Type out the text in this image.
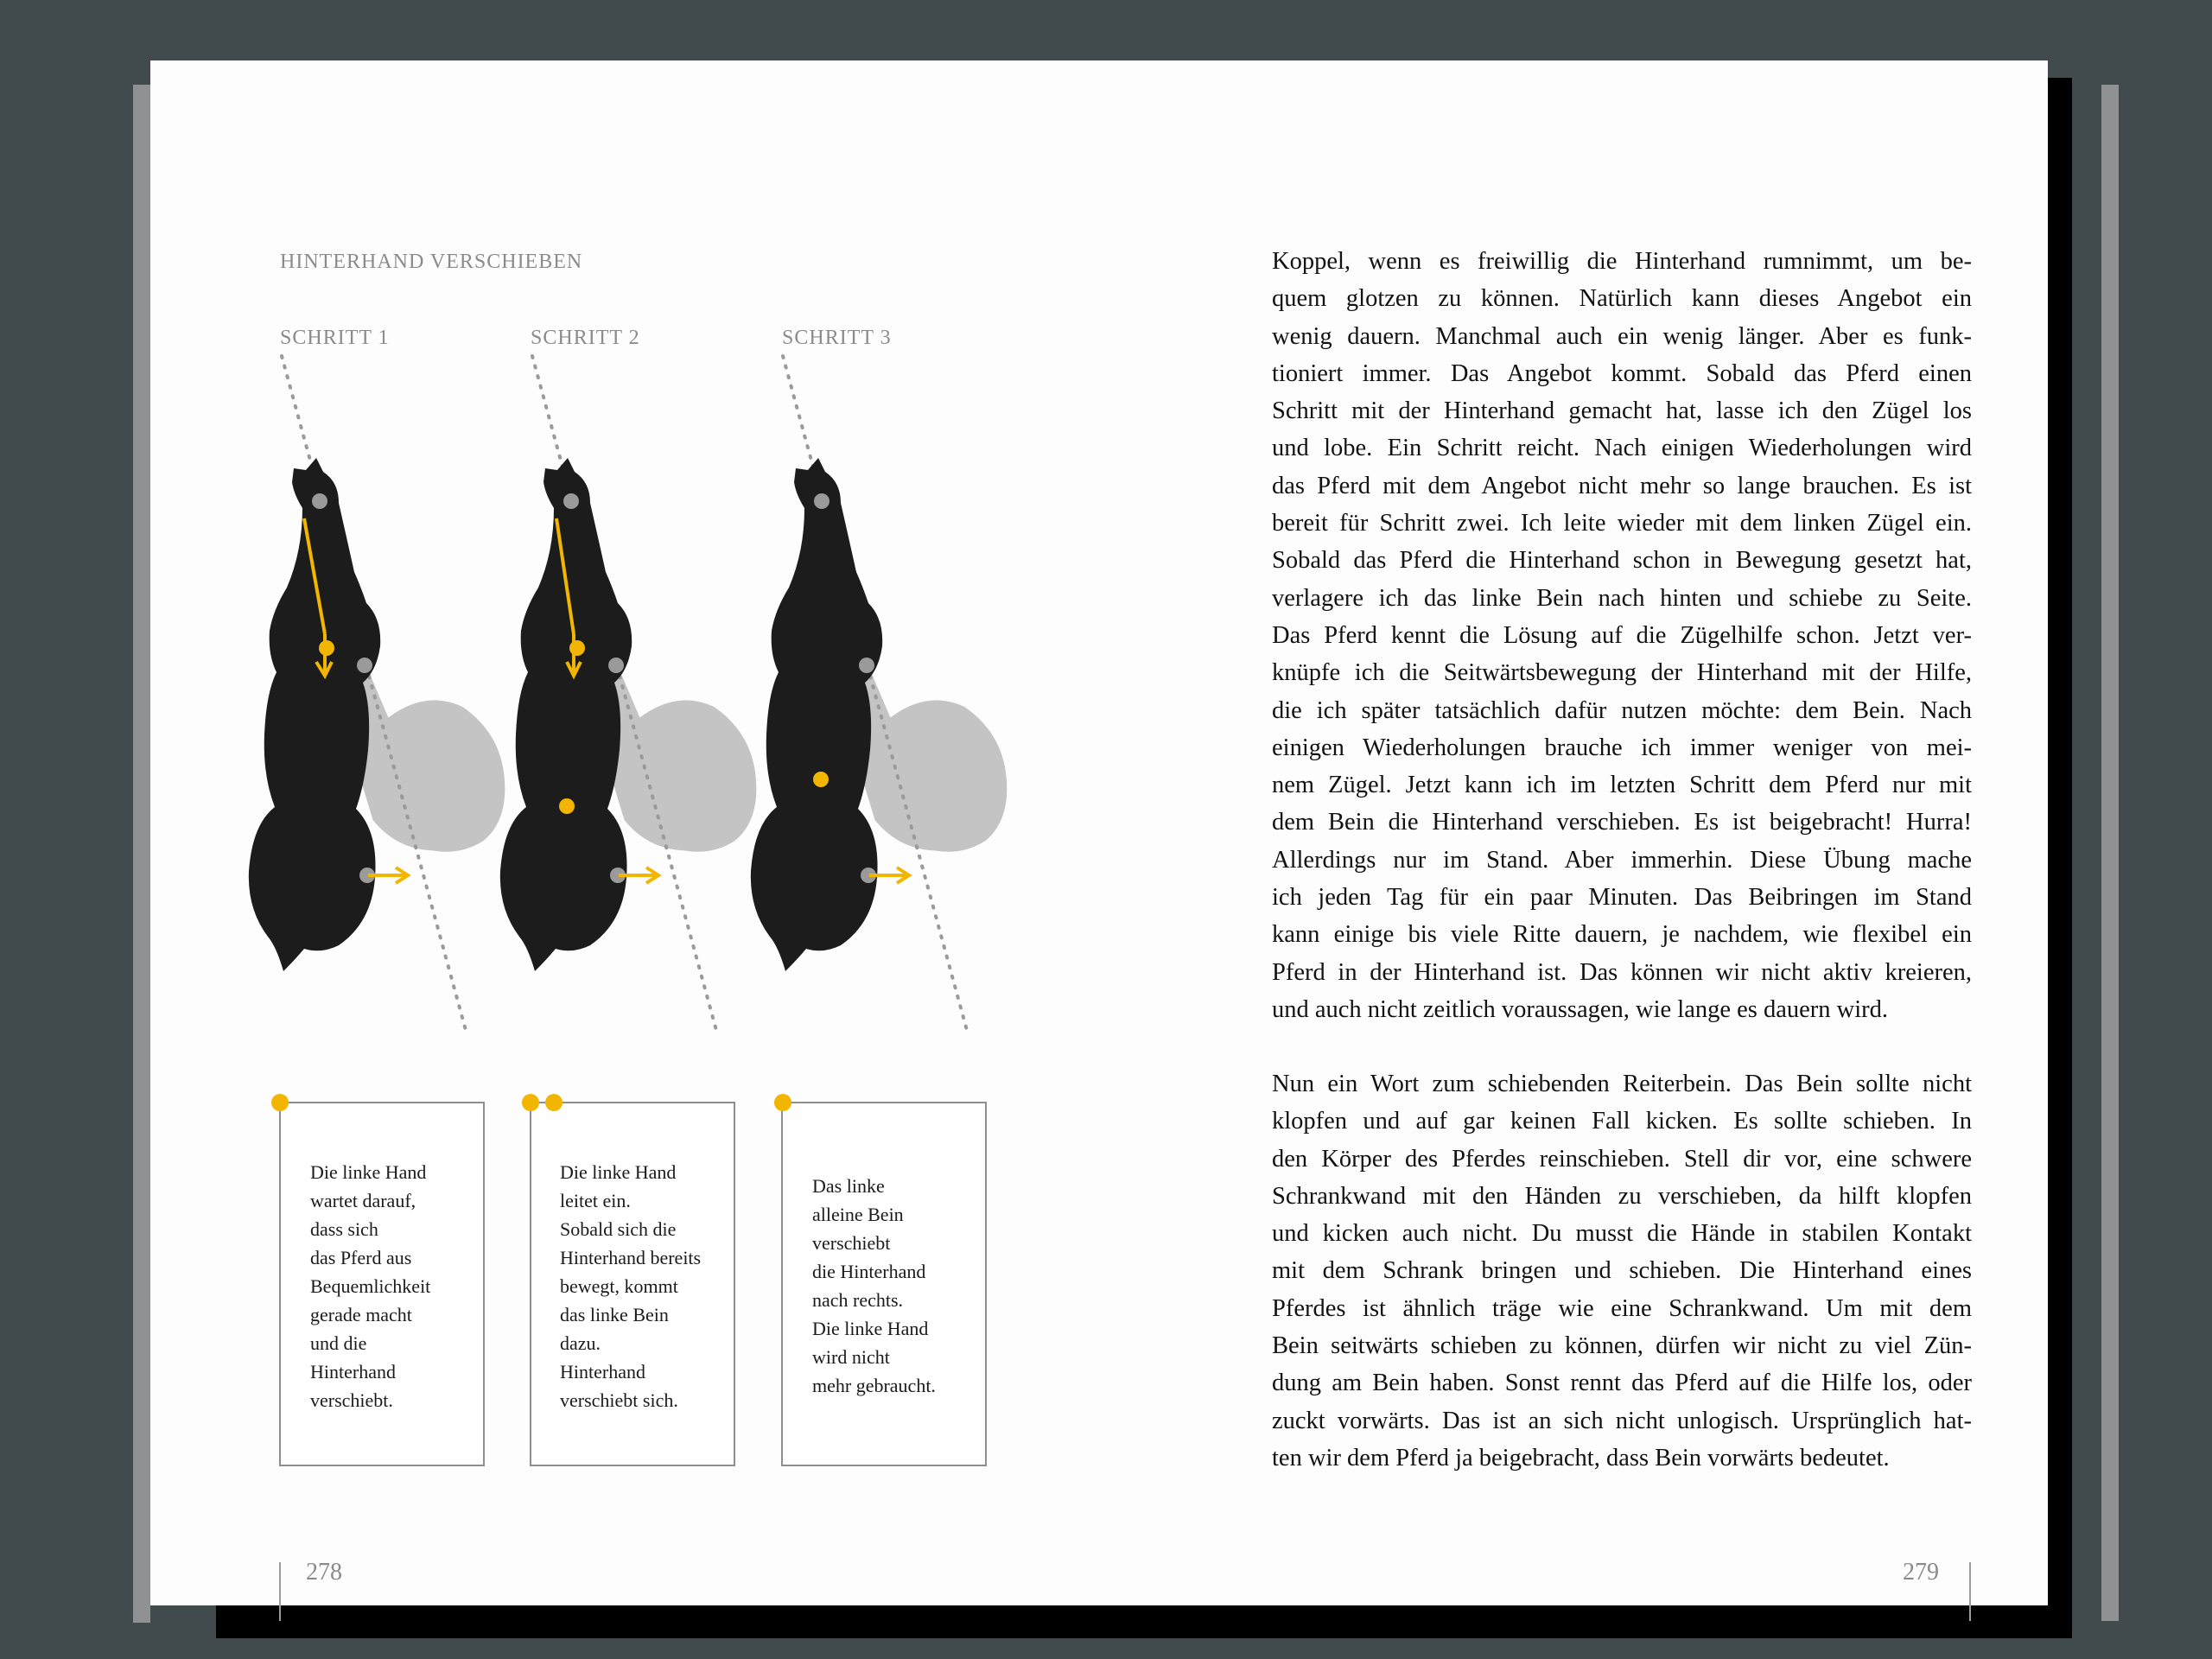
HINTERHAND VERSCHIEBEN
SCHRITT 1	SCHRITT 2	SCHRITT 3
Die linke Hand
wartet darauf,
dass sich
das Pferd aus
Bequemlichkeit
gerade macht
und die
Hinterhand
verschiebt.
Die linke Hand
leitet ein.
Sobald sich die
Hinterhand bereits
bewegt, kommt
das linke Bein
dazu.
Hinterhand
verschiebt sich.
Das linke
alleine Bein
verschiebt
die Hinterhand
nach rechts.
Die linke Hand
wird nicht
mehr gebraucht.

Koppel, wenn es freiwillig die Hinterhand rumnimmt, um be-

quem glotzen zu können. Natürlich kann dieses Angebot ein

wenig dauern. Manchmal auch ein wenig länger. Aber es funk-

tioniert immer. Das Angebot kommt. Sobald das Pferd einen

Schritt mit der Hinterhand gemacht hat, lasse ich den Zügel los

und lobe. Ein Schritt reicht. Nach einigen Wiederholungen wird

das Pferd mit dem Angebot nicht mehr so lange brauchen. Es ist

bereit für Schritt zwei. Ich leite wieder mit dem linken Zügel ein.

Sobald das Pferd die Hinterhand schon in Bewegung gesetzt hat,

verlagere ich das linke Bein nach hinten und schiebe zu Seite.

Das Pferd kennt die Lösung auf die Zügelhilfe schon. Jetzt ver-

knüpfe ich die Seitwärtsbewegung der Hinterhand mit der Hilfe,

die ich später tatsächlich dafür nutzen möchte: dem Bein. Nach

einigen Wiederholungen brauche ich immer weniger von mei-

nem Zügel. Jetzt kann ich im letzten Schritt dem Pferd nur mit

dem Bein die Hinterhand verschieben. Es ist beigebracht! Hurra!

Allerdings nur im Stand. Aber immerhin. Diese Übung mache

ich jeden Tag für ein paar Minuten. Das Beibringen im Stand

kann einige bis viele Ritte dauern, je nachdem, wie flexibel ein

Pferd in der Hinterhand ist. Das können wir nicht aktiv kreieren,

und auch nicht zeitlich voraussagen, wie lange es dauern wird.

Nun ein Wort zum schiebenden Reiterbein. Das Bein sollte nicht

klopfen und auf gar keinen Fall kicken. Es sollte schieben. In

den Körper des Pferdes reinschieben. Stell dir vor, eine schwere

Schrankwand mit den Händen zu verschieben, da hilft klopfen

und kicken auch nicht. Du musst die Hände in stabilen Kontakt

mit dem Schrank bringen und schieben. Die Hinterhand eines

Pferdes ist ähnlich träge wie eine Schrankwand. Um mit dem

Bein seitwärts schieben zu können, dürfen wir nicht zu viel Zün-

dung am Bein haben. Sonst rennt das Pferd auf die Hilfe los, oder

zuckt vorwärts. Das ist an sich nicht unlogisch. Ursprünglich hat-

ten wir dem Pferd ja beigebracht, dass Bein vorwärts bedeutet.

278	279
